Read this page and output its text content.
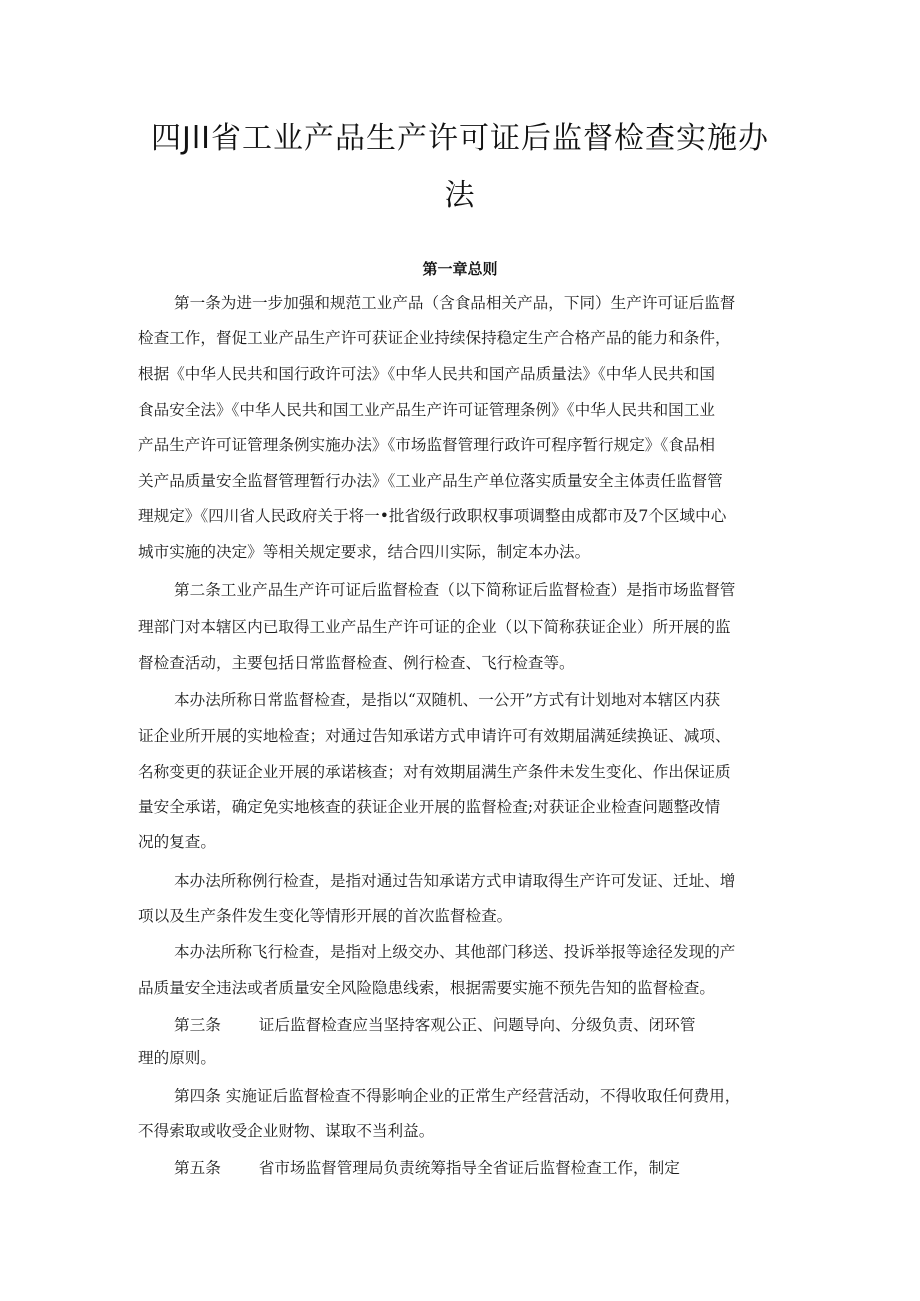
四JlI省工业产品生产许可证后监督检查实施办
法
第一章总则
第一条为进一步加强和规范工业产品（含食品相关产品，下同）生产许可证后监督
检查工作，督促工业产品生产许可获证企业持续保持稳定生产合格产品的能力和条件，
根据《中华人民共和国行政许可法》《中华人民共和国产品质量法》《中华人民共和国
食品安全法》《中华人民共和国工业产品生产许可证管理条例》《中华人民共和国工业
产品生产许可证管理条例实施办法》《市场监督管理行政许可程序暂行规定》《食品相
关产品质量安全监督管理暂行办法》《工业产品生产单位落实质量安全主体责任监督管
理规定》《四川省人民政府关于将一•批省级行政职权事项调整由成都市及7个区域中心
城市实施的决定》等相关规定要求，结合四川实际，制定本办法。
第二条工业产品生产许可证后监督检查（以下简称证后监督检查）是指市场监督管
理部门对本辖区内已取得工业产品生产许可证的企业（以下简称获证企业）所开展的监
督检查活动，主要包括日常监督检查、例行检查、飞行检查等。
本办法所称日常监督检查，是指以“双随机、一公开”方式有计划地对本辖区内获
证企业所开展的实地检查；对通过告知承诺方式申请许可有效期届满延续换证、减项、
名称变更的获证企业开展的承诺核查；对有效期届满生产条件未发生变化、作出保证质
量安全承诺，确定免实地核查的获证企业开展的监督检查;对获证企业检查问题整改情
况的复查。
本办法所称例行检查，是指对通过告知承诺方式申请取得生产许可发证、迁址、增
项以及生产条件发生变化等情形开展的首次监督检查。
本办法所称飞行检查，是指对上级交办、其他部门移送、投诉举报等途径发现的产
品质量安全违法或者质量安全风险隐患线索，根据需要实施不预先告知的监督检查。
第三条 证后监督检查应当坚持客观公正、问题导向、分级负责、闭环管
理的原则。
第四条 实施证后监督检查不得影响企业的正常生产经营活动，不得收取任何费用，
不得索取或收受企业财物、谋取不当利益。
第五条 省市场监督管理局负责统筹指导全省证后监督检查工作，制定
